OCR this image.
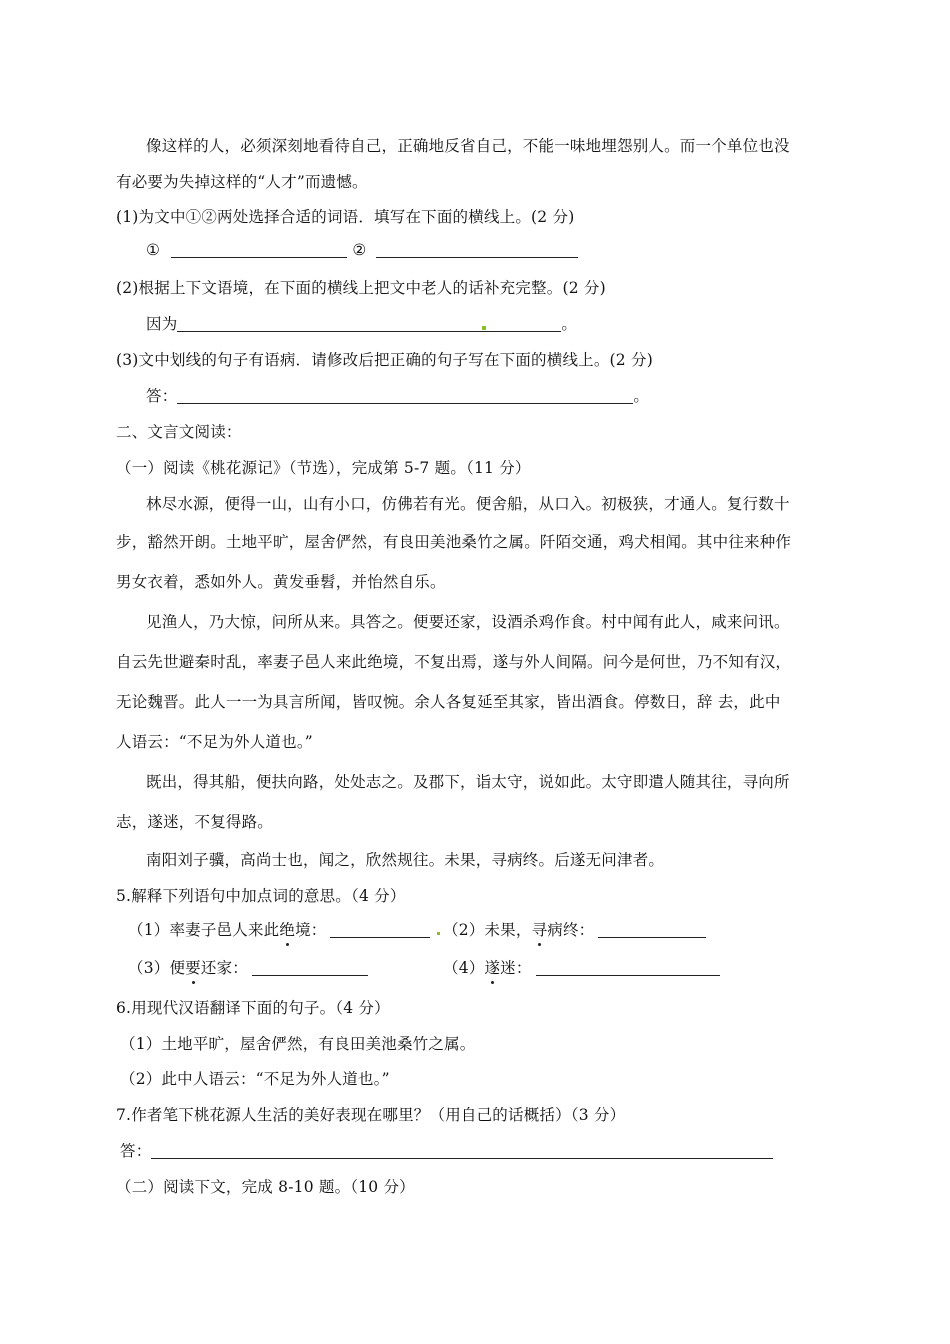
像这样的人，必须深刻地看待自己，正确地反省自己，不能一味地埋怨别人。而一个单位也没
有必要为失掉这样的“人才”而遗憾。
(1)为文中①②两处选择合适的词语．填写在下面的横线上。(2 分)
①	②
(2)根据上下文语境，在下面的横线上把文中老人的话补充完整。(2 分)
因为	。
(3)文中划线的句子有语病．请修改后把正确的句子写在下面的横线上。(2 分)
答：	。
二、文言文阅读：
（一）阅读《桃花源记》（节选），完成第 5-7 题。（11 分）
林尽水源，便得一山，山有小口，仿佛若有光。便舍船，从口入。初极狭，才通人。复行数十
步，豁然开朗。土地平旷，屋舍俨然，有良田美池桑竹之属。阡陌交通，鸡犬相闻。其中往来种作
男女衣着，悉如外人。黄发垂髫，并怡然自乐。
见渔人，乃大惊，问所从来。具答之。便要还家，设酒杀鸡作食。村中闻有此人，咸来问讯。
自云先世避秦时乱，率妻子邑人来此绝境，不复出焉，遂与外人间隔。问今是何世，乃不知有汉，
无论魏晋。此人一一为具言所闻，皆叹惋。余人各复延至其家，皆出酒食。停数日，辞 去，此中
人语云：“不足为外人道也。”
既出，得其船，便扶向路，处处志之。及郡下，诣太守，说如此。太守即遣人随其往，寻向所
志，遂迷，不复得路。
南阳刘子骥，高尚士也，闻之，欣然规往。未果，寻病终。后遂无问津者。
5.解释下列语句中加点词的意思。（4 分）
（1）率妻子邑人来此绝境：	（2）未果，寻病终：
（3）便要还家：	（4）遂迷：
6.用现代汉语翻译下面的句子。（4 分）
（1）土地平旷，屋舍俨然，有良田美池桑竹之属。
（2）此中人语云：“不足为外人道也。”
7.作者笔下桃花源人生活的美好表现在哪里？（用自己的话概括）（3 分）
答：
（二）阅读下文，完成 8-10 题。（10 分）
